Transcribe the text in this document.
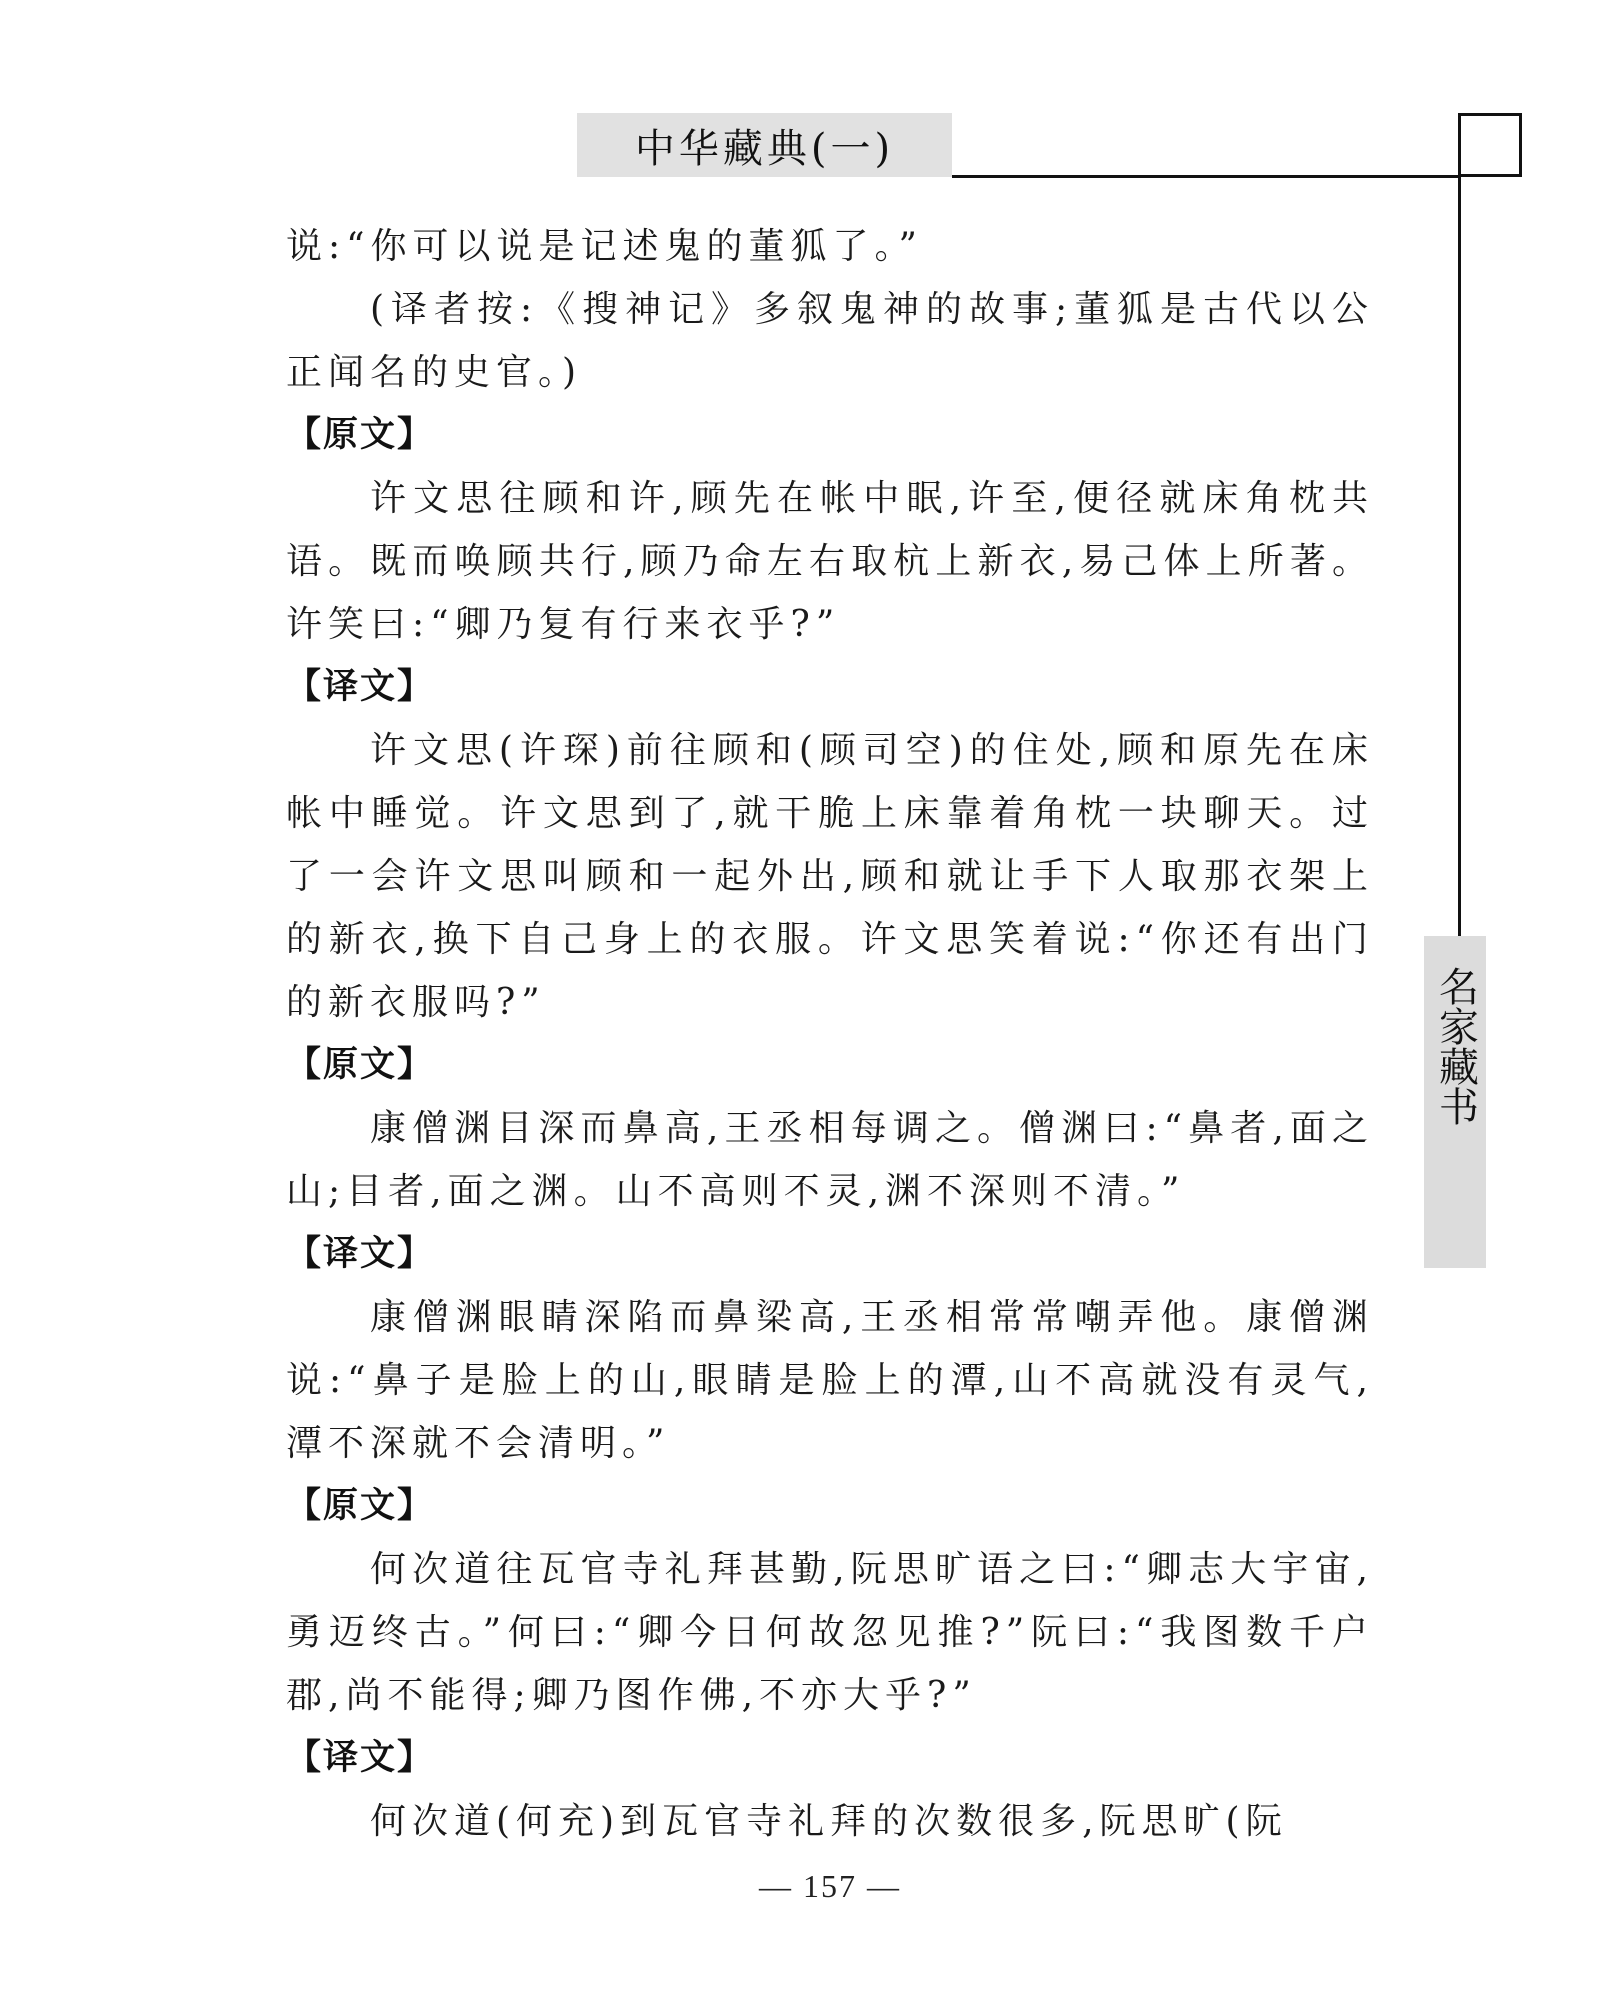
中华藏典(一)
名家藏书

说:“你可以说是记述鬼的董狐了。”

(译者按:《搜神记》多叙鬼神的故事;董狐是古代以公正闻名的史官。)

【原文】

许文思往顾和许,顾先在帐中眠,许至,便径就床角枕共语。既而唤顾共行,顾乃命左右取杭上新衣,易己体上所著。许笑曰:“卿乃复有行来衣乎?”

【译文】

许文思(许琛)前往顾和(顾司空)的住处,顾和原先在床帐中睡觉。许文思到了,就干脆上床靠着角枕一块聊天。过了一会许文思叫顾和一起外出,顾和就让手下人取那衣架上的新衣,换下自己身上的衣服。许文思笑着说:“你还有出门的新衣服吗?”

【原文】

康僧渊目深而鼻高,王丞相每调之。僧渊曰:“鼻者,面之山;目者,面之渊。山不高则不灵,渊不深则不清。”

【译文】

康僧渊眼睛深陷而鼻梁高,王丞相常常嘲弄他。康僧渊说:“鼻子是脸上的山,眼睛是脸上的潭,山不高就没有灵气,潭不深就不会清明。”

【原文】

何次道往瓦官寺礼拜甚勤,阮思旷语之曰:“卿志大宇宙,勇迈终古。”何曰:“卿今日何故忽见推?”阮曰:“我图数千户郡,尚不能得;卿乃图作佛,不亦大乎?”

【译文】

何次道(何充)到瓦官寺礼拜的次数很多,阮思旷(阮

— 157 —
